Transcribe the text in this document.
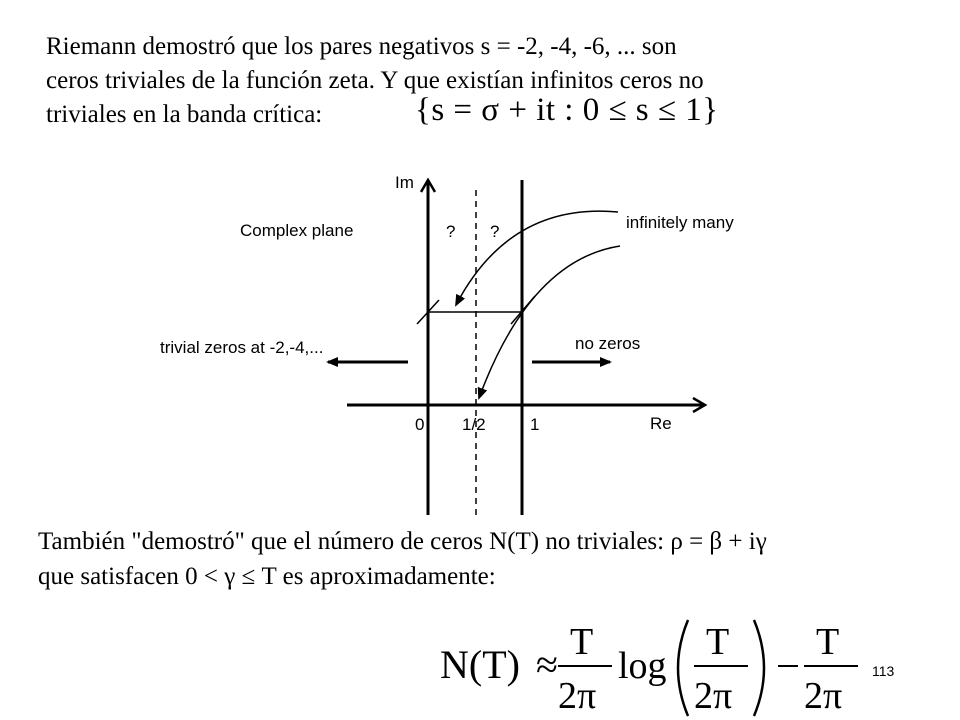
Riemann demostró que los pares negativos s = -2, -4, -6, ... son

ceros triviales de la función zeta. Y que existían infinitos ceros no

triviales en la banda crítica:	{s = σ + it : 0 ≤ s ≤ 1}
Im
Re
Complex plane	infinitely many
trivial zeros at -2,-4,...	no zeros
? ?
0 1/2	1

También "demostró" que el número de ceros N(T) no triviales: ρ = β + iγ

que satisfacen 0 < γ ≤ T es aproximadamente:

N(T) ≈ T
2π
log
T
2π
T
2π
113
